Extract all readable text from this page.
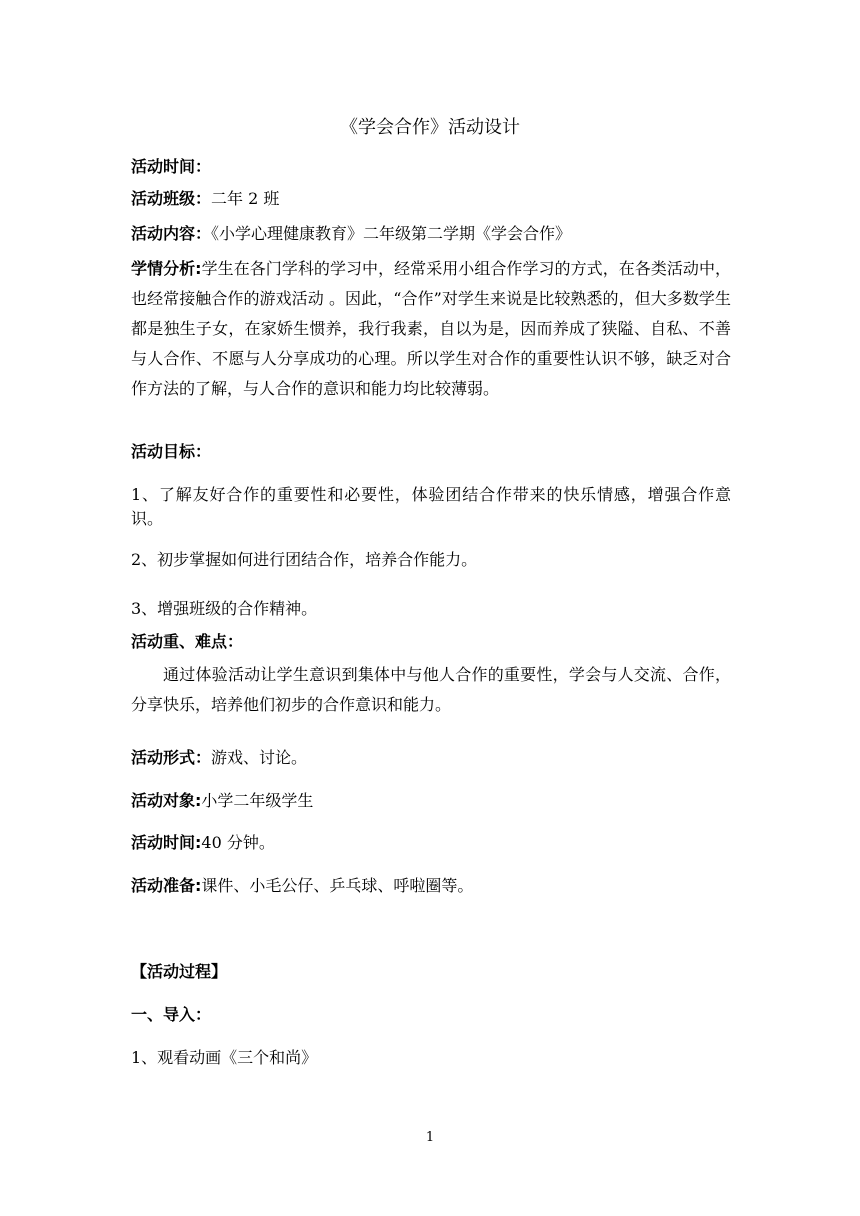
《学会合作》活动设计
活动时间：
活动班级：二年 2 班
活动内容：《小学心理健康教育》二年级第二学期《学会合作》
学情分析:学生在各门学科的学习中，经常采用小组合作学习的方式，在各类活动中，也经常接触合作的游戏活动 。因此，“合作”对学生来说是比较熟悉的，但大多数学生都是独生子女，在家娇生惯养，我行我素，自以为是，因而养成了狭隘、自私、不善与人合作、不愿与人分享成功的心理。所以学生对合作的重要性认识不够，缺乏对合作方法的了解，与人合作的意识和能力均比较薄弱。
活动目标：
1、了解友好合作的重要性和必要性，体验团结合作带来的快乐情感，增强合作意识。
2、初步掌握如何进行团结合作，培养合作能力。
3、增强班级的合作精神。
活动重、难点：
通过体验活动让学生意识到集体中与他人合作的重要性，学会与人交流、合作，分享快乐，培养他们初步的合作意识和能力。
活动形式：游戏、讨论。
活动对象:小学二年级学生
活动时间:40 分钟。
活动准备:课件、小毛公仔、乒乓球、呼啦圈等。
【活动过程】
一、导入：
1、观看动画《三个和尚》
1
